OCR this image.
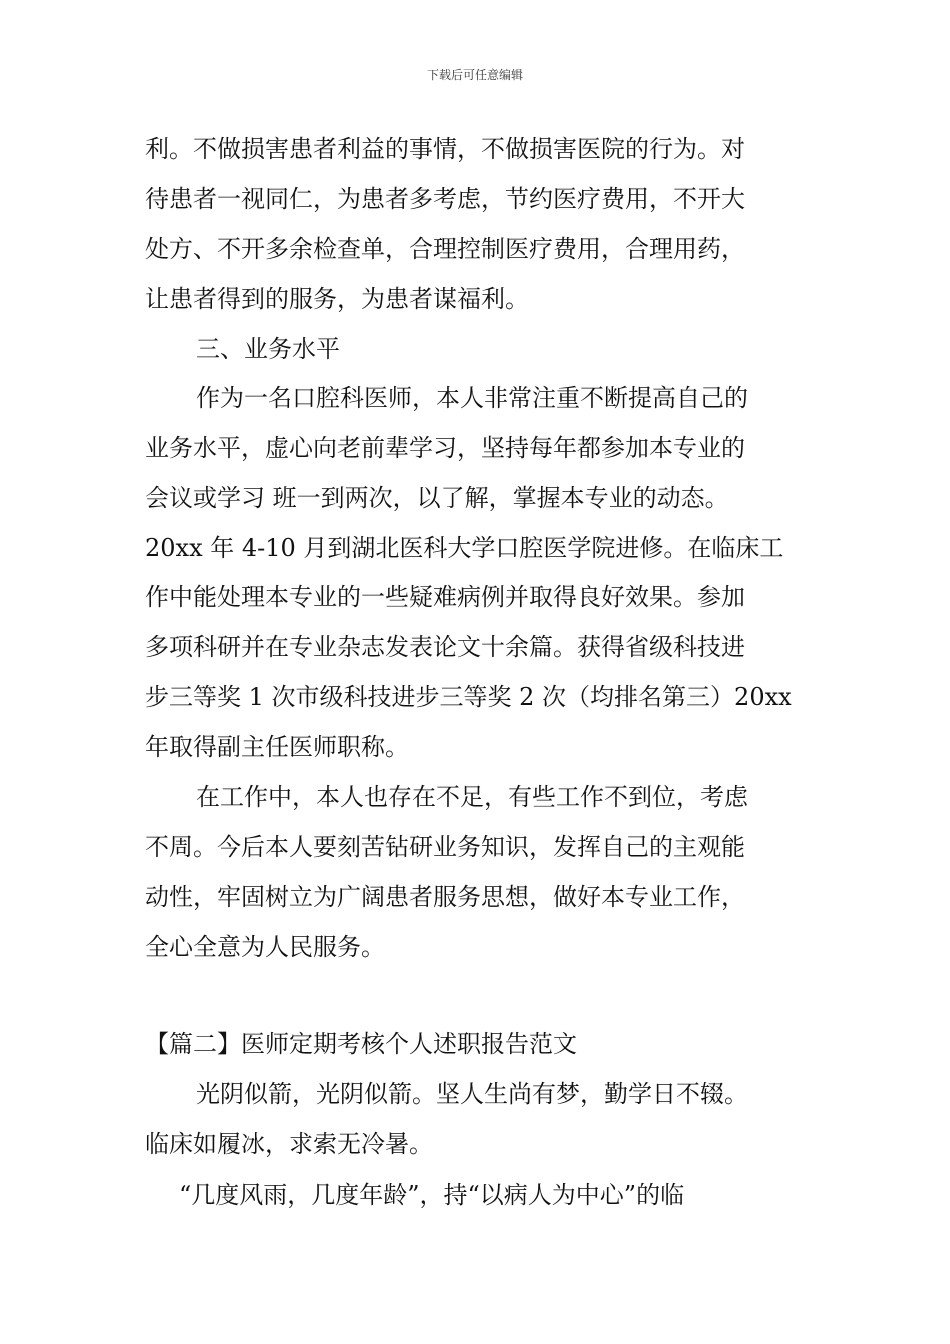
下载后可任意编辑
利。不做损害患者利益的事情，不做损害医院的行为。对
待患者一视同仁，为患者多考虑，节约医疗费用，不开大
处方、不开多余检查单，合理控制医疗费用，合理用药，
让患者得到的服务，为患者谋福利。
三、业务水平
作为一名口腔科医师，本人非常注重不断提高自己的
业务水平，虚心向老前辈学习，坚持每年都参加本专业的
会议或学习 班一到两次，以了解，掌握本专业的动态。
20xx 年 4-10 月到湖北医科大学口腔医学院进修。在临床工
作中能处理本专业的一些疑难病例并取得良好效果。参加
多项科研并在专业杂志发表论文十余篇。获得省级科技进
步三等奖 1 次市级科技进步三等奖 2 次（均排名第三）20xx
年取得副主任医师职称。
在工作中，本人也存在不足，有些工作不到位，考虑
不周。今后本人要刻苦钻研业务知识，发挥自己的主观能
动性，牢固树立为广阔患者服务思想，做好本专业工作，
全心全意为人民服务。
【篇二】医师定期考核个人述职报告范文
光阴似箭，光阴似箭。坚人生尚有梦，勤学日不辍。
临床如履冰，求索无冷暑。
“几度风雨，几度年龄”，持“以病人为中心”的临
